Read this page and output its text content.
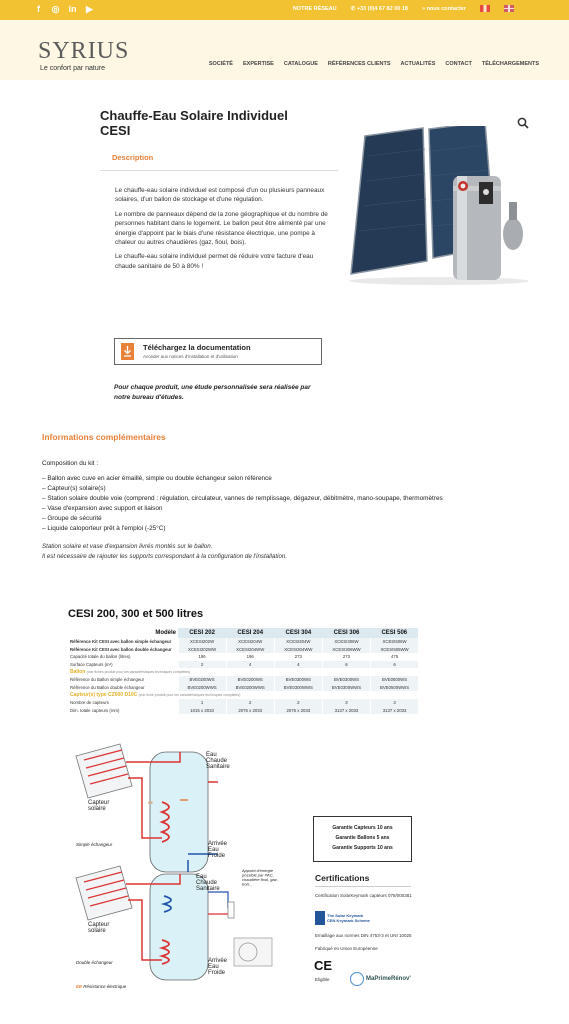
f	◎ in ▶	NOTRE RÉSEAU	✆ +33 (0)4 67 82 00 18	» nous contacter
SYRIUS
Le confort par nature
SOCIÉTÉ EXPERTISE CATALOGUE RÉFÉRENCES CLIENTS ACTUALITÉS CONTACT TÉLÉCHARGEMENTS
Chauffe-Eau Solaire Individuel
CESI
Description

Le chauffe-eau solaire individuel est composé d'un ou plusieurs panneaux solaires, d'un ballon de stockage et d'une régulation.

Le nombre de panneaux dépend de la zone géographique et du nombre de personnes habitant dans le logement. Le ballon peut être alimenté par une énergie d'appoint par le biais d'une résistance électrique, une pompe à chaleur ou autres chaudières (gaz, fioul, bois).

Le chauffe-eau solaire individuel permet de réduire votre facture d'eau chaude sanitaire de 50 à 80% !

Téléchargez la documentation
Accéder aux notices d'installation et d'utilisation
Pour chaque produit, une étude personnalisée sera réalisée par notre bureau d'études.
Informations complémentaires
Composition du kit :
– Ballon avec cuve en acier émaillé, simple ou double échangeur selon référence
– Capteur(s) solaire(s)
– Station solaire double voie (comprend : régulation, circulateur, vannes de remplissage, dégazeur, débitmètre, mano-soupape, thermomètres
– Vase d'expansion avec support et liaison
– Groupe de sécurité
– Liquide caloporteur prêt à l'emploi (-25°C)
Station solaire et vase d'expansion livrés montés sur le ballon.
Il est nécessaire de rajouter les supports correspondant à la configuration de l'installation.
CESI 200, 300 et 500 litres
Modèle	CESI 202	CESI 204	CESI 304	CESI 306	CESI 506
Référence Kit CESI avec ballon simple échangeur	XCESI202W	XCESI204W	XCESI304W	XCESI306W	XCESI506W
Référence Kit CESI avec ballon double échangeur	XCESI202WW	XCESI204WW	XCESI304WW	XCESI306WW	XCESI506WW
Capacité totale du ballon (litres)	196	196	273	273	475
Surface Capteurs (m²)	2	4	4	6	6
Ballon (voir fiches produit pour les caractéristiques techniques complètes)					
Référence du Ballon simple échangeur	BVE0200WS	BVE0200WS	BVE0300WS	BVE0300WS	BVE0500WS
Référence du Ballon double échangeur	BVE0200WWS	BVE0200WWS	BVE0300WWS	BVE0300WWS	BVE0500WWS
Capteur(s) type CZ000 D10C (voir fiche produit pour les caractéristiques techniques complètes)					
Nombre de capteurs	1	2	2	3	3
Dim. totale capteurs (mm)	1015 x 2033	2076 x 2033	2076 x 2033	3137 x 2033	3137 x 2033
EE
Eau Chaude Sanitaire
Arrivée Eau Froide
Capteur solaire
Simple échangeur
Eau Chaude Sanitaire
Appoint d'énergie possible par PAC, chaudière fioul, gaz, bois...
Arrivée Eau Froide
Capteur solaire
Double échangeur
EE Résistance électrique
Garantie Capteurs 10 ans
Garantie Ballons 5 ans
Garantie Supports 10 ans
Certifications
Certification SolarKeymark capteurs 078/000381
The Solar Keymark
CEN Keymark Scheme
Emaillage aux normes DIN 4753-3 et UNI 10025
Fabriqué en Union Européenne
CE
Eligible	MaPrimeRénov'
